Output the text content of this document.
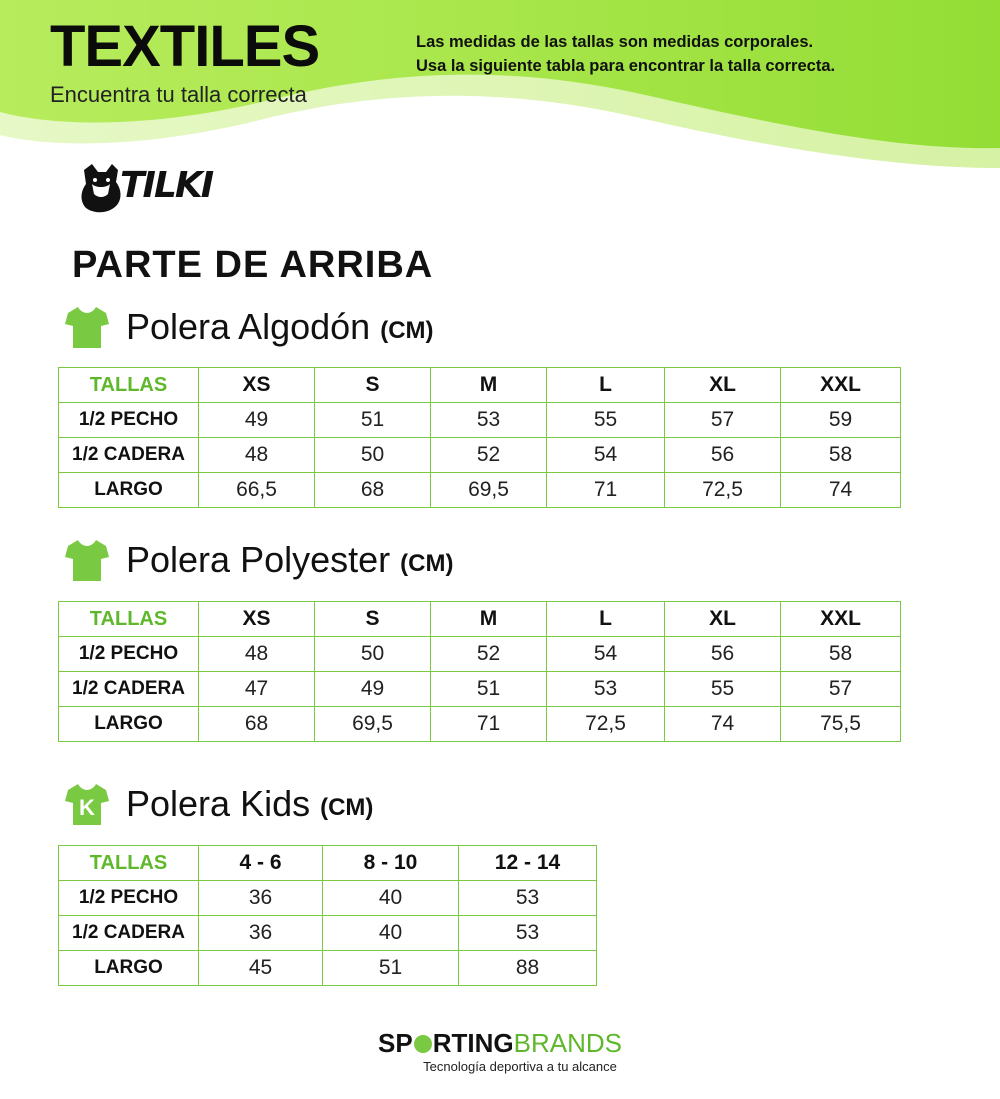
TEXTILES
Encuentra tu talla correcta
Las medidas de las tallas son medidas corporales.
Usa la siguiente tabla para encontrar la talla correcta.
TILKI
PARTE DE ARRIBA
Polera Algodón (CM)
TALLAS	XS	S	M	L	XL	XXL
1/2 PECHO	49	51	53	55	57	59
1/2 CADERA	48	50	52	54	56	58
LARGO	66,5	68	69,5	71	72,5	74
Polera Polyester (CM)
TALLAS	XS	S	M	L	XL	XXL
1/2 PECHO	48	50	52	54	56	58
1/2 CADERA	47	49	51	53	55	57
LARGO	68	69,5	71	72,5	74	75,5
K Polera Kids (CM)
TALLAS	4 - 6	8 - 10	12 - 14
1/2 PECHO	36	40	53
1/2 CADERA	36	40	53
LARGO	45	51	88
SP RTINGBRANDS
Tecnología deportiva a tu alcance
